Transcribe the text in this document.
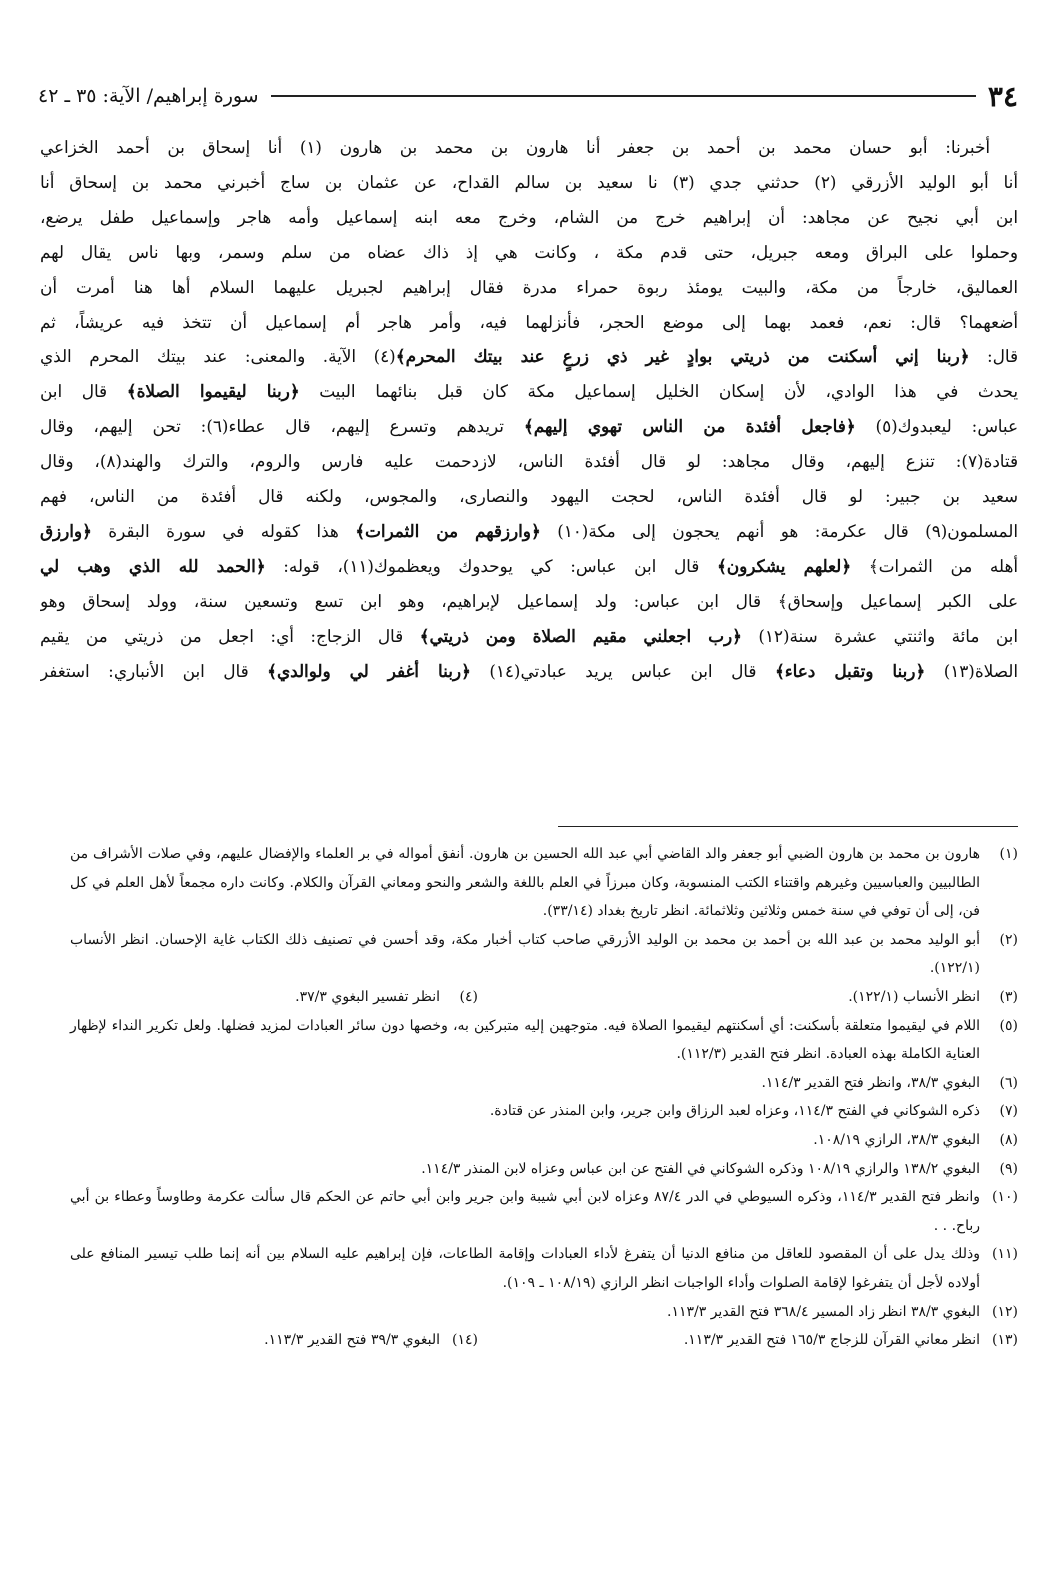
٣٤
سورة إبراهيم/ الآية: ٣٥ ـ ٤٢
أخبرنا: أبو حسان محمد بن أحمد بن جعفر أنا هارون بن محمد بن هارون (١) أنا إسحاق بن أحمد الخزاعي
أنا أبو الوليد الأزرقي (٢) حدثني جدي (٣) نا سعيد بن سالم القداح، عن عثمان بن ساج أخبرني محمد بن إسحاق أنا
ابن أبي نجيح عن مجاهد: أن إبراهيم خرج من الشام، وخرج معه ابنه إسماعيل وأمه هاجر وإسماعيل طفل يرضع،
وحملوا على البراق ومعه جبريل، حتى قدم مكة ، وكانت هي إذ ذاك عضاه من سلم وسمر، وبها ناس يقال لهم
العماليق، خارجاً من مكة، والبيت يومئذ ربوة حمراء مدرة فقال إبراهيم لجبريل عليهما السلام أها هنا أمرت أن
أضعهما؟ قال: نعم، فعمد بهما إلى موضع الحجر، فأنزلهما فيه، وأمر هاجر أم إسماعيل أن تتخذ فيه عريشاً، ثم
قال: ﴿ربنا إني أسكنت من ذريتي بوادٍ غير ذي زرعٍ عند بيتك المحرم﴾(٤) الآية. والمعنى: عند بيتك المحرم الذي
يحدث في هذا الوادي، لأن إسكان الخليل إسماعيل مكة كان قبل بنائهما البيت ﴿ربنا ليقيموا الصلاة﴾ قال ابن
عباس: ليعبدوك(٥) ﴿فاجعل أفئدة من الناس تهوي إليهم﴾ تريدهم وتسرع إليهم، قال عطاء(٦): تحن إليهم، وقال
قتادة(٧): تنزع إليهم، وقال مجاهد: لو قال أفئدة الناس، لازدحمت عليه فارس والروم، والترك والهند(٨)، وقال
سعيد بن جبير: لو قال أفئدة الناس، لحجت اليهود والنصارى، والمجوس، ولكنه قال أفئدة من الناس، فهم
المسلمون(٩) قال عكرمة: هو أنهم يحجون إلى مكة(١٠) ﴿وارزقهم من الثمرات﴾ هذا كقوله في سورة البقرة ﴿وارزق
أهله من الثمرات﴾ ﴿لعلهم يشكرون﴾ قال ابن عباس: كي يوحدوك ويعظموك(١١)، قوله: ﴿الحمد لله الذي وهب لي
على الكبر إسماعيل وإسحاق﴾ قال ابن عباس: ولد إسماعيل لإبراهيم، وهو ابن تسع وتسعين سنة، وولد إسحاق وهو
ابن مائة واثنتي عشرة سنة(١٢) ﴿رب اجعلني مقيم الصلاة ومن ذريتي﴾ قال الزجاج: أي: اجعل من ذريتي من يقيم
الصلاة(١٣) ﴿ربنا وتقبل دعاء﴾ قال ابن عباس يريد عبادتي(١٤) ﴿ربنا أغفر لي ولوالدي﴾ قال ابن الأنباري: استغفر
(١)
هارون بن محمد بن هارون الضبي أبو جعفر والد القاضي أبي عبد الله الحسين بن هارون. أنفق أمواله في بر العلماء والإفضال عليهم، وفي صلات الأشراف من الطالبيين والعباسيين وغيرهم واقتناء الكتب المنسوبة، وكان مبرزاً في العلم باللغة والشعر والنحو ومعاني القرآن والكلام. وكانت داره مجمعاً لأهل العلم في كل فن، إلى أن توفي في سنة خمس وثلاثين وثلاثمائة. انظر تاريخ بغداد (٣٣/١٤).
(٢)
أبو الوليد محمد بن عبد الله بن أحمد بن محمد بن الوليد الأزرقي صاحب كتاب أخبار مكة، وقد أحسن في تصنيف ذلك الكتاب غاية الإحسان. انظر الأنساب (١٢٢/١).
(٣)
انظر الأنساب (١٢٢/١).
(٤)
انظر تفسير البغوي ٣٧/٣.
(٥)
اللام في ليقيموا متعلقة بأسكنت: أي أسكنتهم ليقيموا الصلاة فيه. متوجهين إليه متبركين به، وخصها دون سائر العبادات لمزيد فضلها. ولعل تكرير النداء لإظهار العناية الكاملة بهذه العبادة. انظر فتح القدير (١١٢/٣).
(٦)
البغوي ٣٨/٣، وانظر فتح القدير ١١٤/٣.
(٧)
ذكره الشوكاني في الفتح ١١٤/٣، وعزاه لعبد الرزاق وابن جرير، وابن المنذر عن قتادة.
(٨)
البغوي ٣٨/٣، الرازي ١٠٨/١٩.
(٩)
البغوي ١٣٨/٢ والرازي ١٠٨/١٩ وذكره الشوكاني في الفتح عن ابن عباس وعزاه لابن المنذر ١١٤/٣.
(١٠)
وانظر فتح القدير ١١٤/٣، وذكره السيوطي في الدر ٨٧/٤ وعزاه لابن أبي شيبة وابن جرير وابن أبي حاتم عن الحكم قال سألت عكرمة وطاوساً وعطاء بن أبي رباح. . .
(١١)
وذلك يدل على أن المقصود للعاقل من منافع الدنيا أن يتفرغ لأداء العبادات وإقامة الطاعات، فإن إبراهيم عليه السلام بين أنه إنما طلب تيسير المنافع على أولاده لأجل أن يتفرغوا لإقامة الصلوات وأداء الواجبات انظر الرازي (١٠٨/١٩ ـ ١٠٩).
(١٢)
البغوي ٣٨/٣ انظر زاد المسير ٣٦٨/٤ فتح القدير ١١٣/٣.
(١٣)
انظر معاني القرآن للزجاج ١٦٥/٣ فتح القدير ١١٣/٣.
(١٤)
البغوي ٣٩/٣ فتح القدير ١١٣/٣.
